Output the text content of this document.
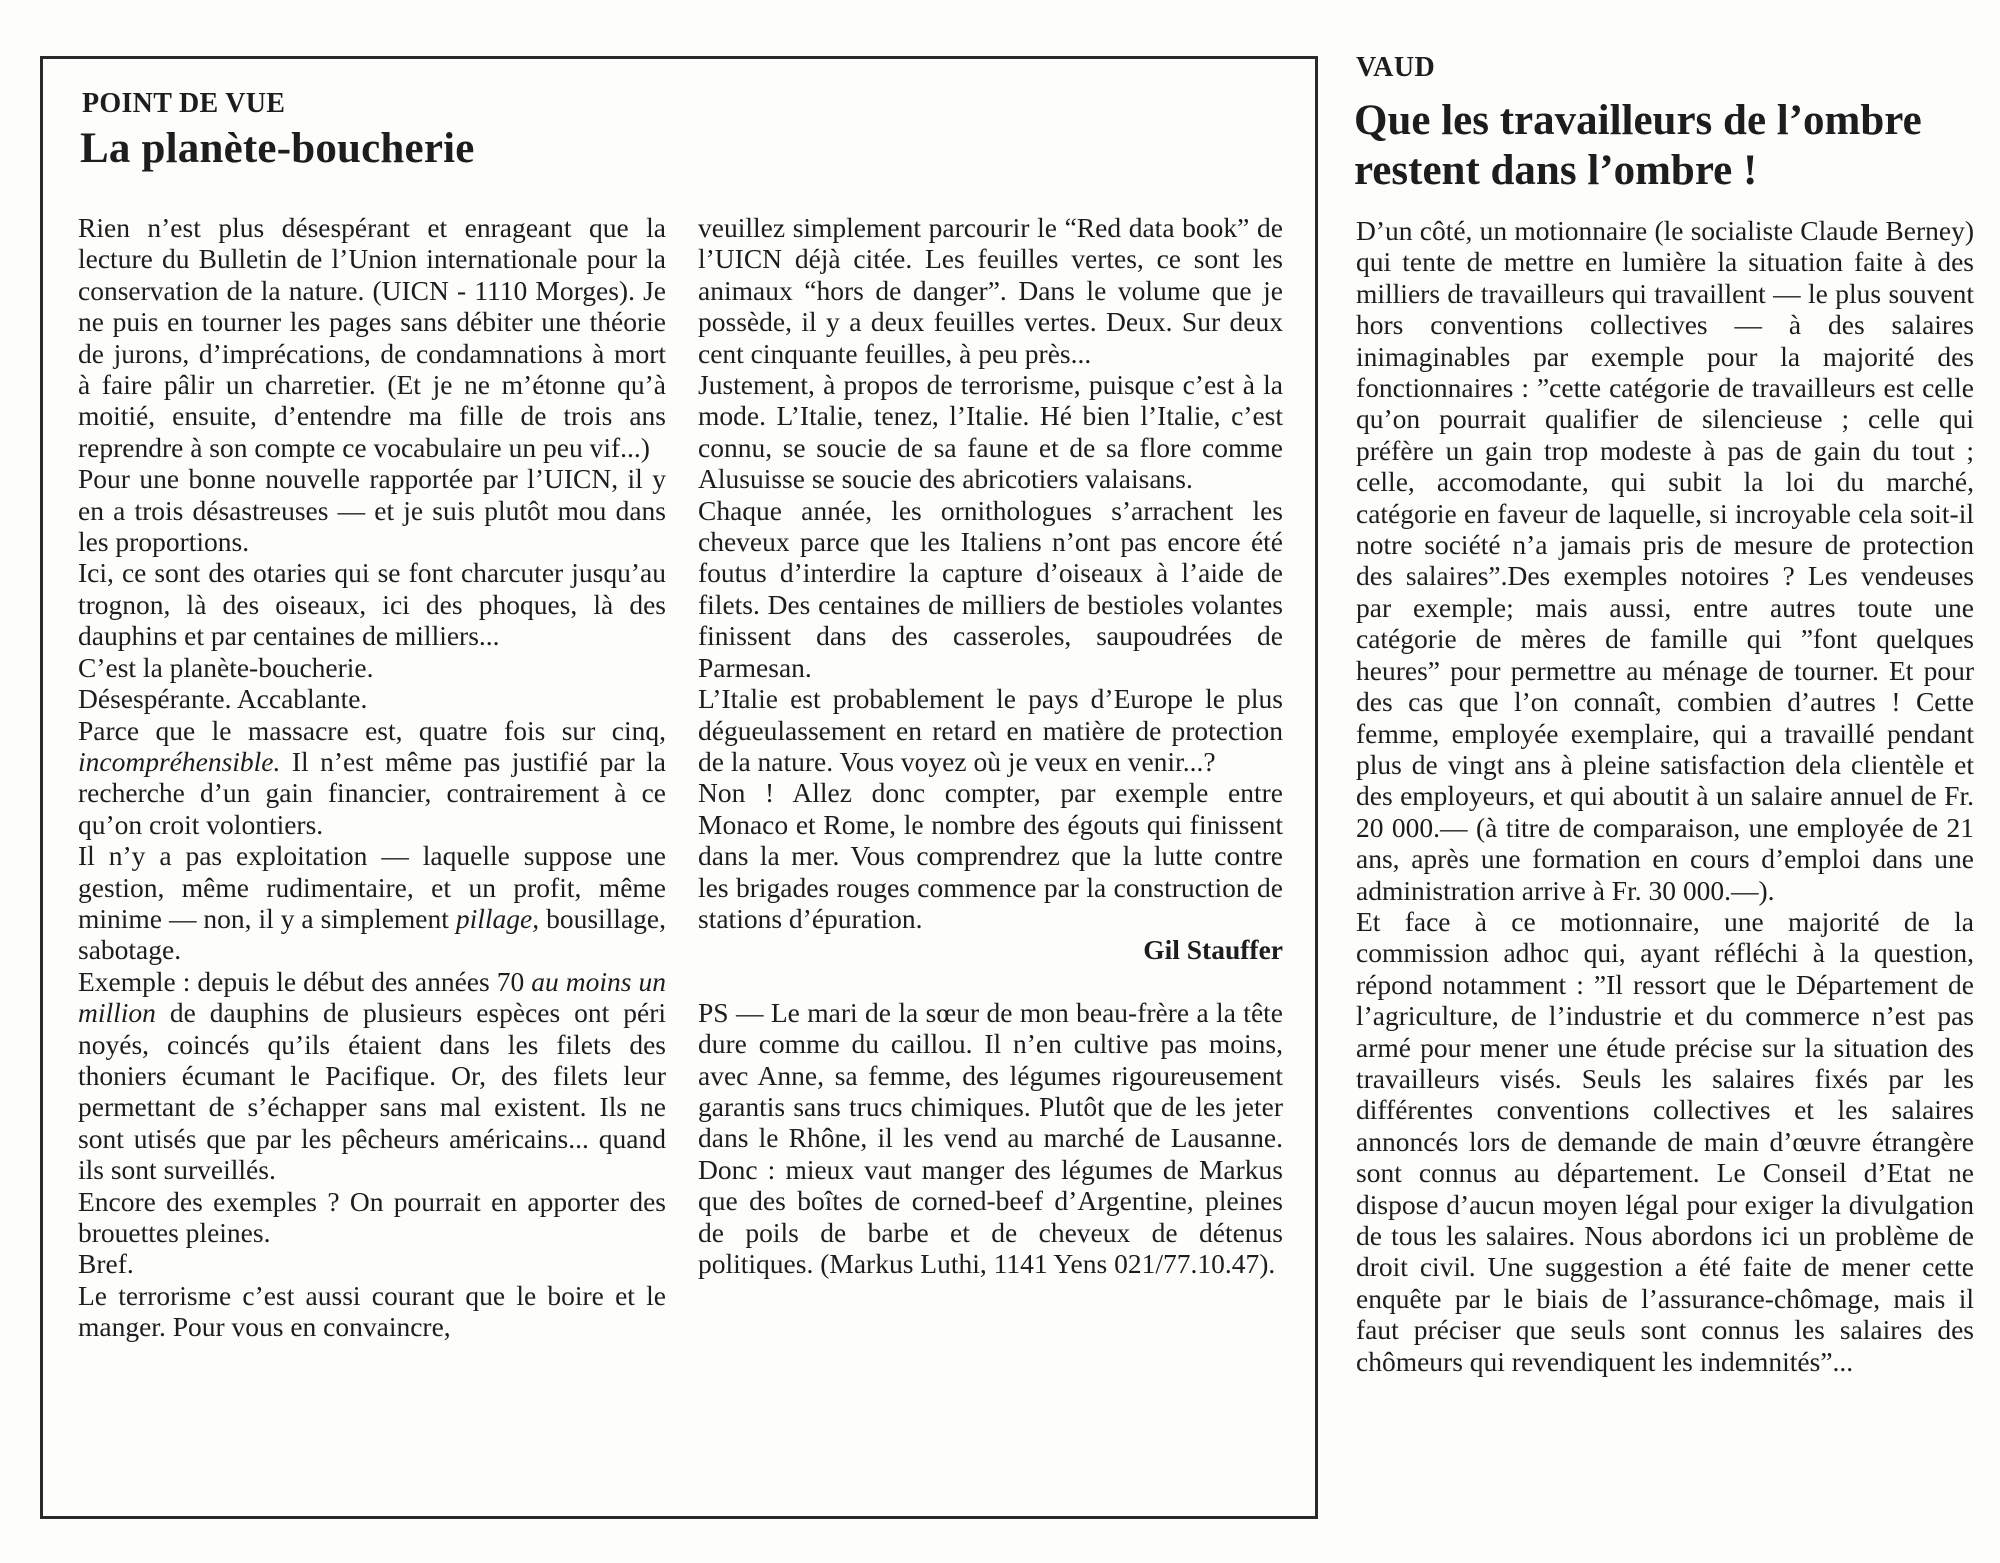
POINT DE VUE
La planète-boucherie

Rien n’est plus désespérant et enrageant que la lecture du Bulletin de l’Union internationale pour la conservation de la nature. (UICN - 1110 Morges). Je ne puis en tourner les pages sans débiter une théorie de jurons, d’imprécations, de condamnations à mort à faire pâlir un charretier. (Et je ne m’étonne qu’à moitié, ensuite, d’entendre ma fille de trois ans reprendre à son compte ce vocabulaire un peu vif...)

Pour une bonne nouvelle rapportée par l’UICN, il y en a trois désastreuses — et je suis plutôt mou dans les proportions.

Ici, ce sont des otaries qui se font charcuter jusqu’au trognon, là des oiseaux, ici des phoques, là des dauphins et par centaines de milliers...

C’est la planète-boucherie.

Désespérante. Accablante.

Parce que le massacre est, quatre fois sur cinq, incompréhensible. Il n’est même pas justifié par la recherche d’un gain financier, contrairement à ce qu’on croit volontiers.

Il n’y a pas exploitation — laquelle suppose une gestion, même rudimentaire, et un profit, même minime — non, il y a simplement pillage, bousillage, sabotage.

Exemple : depuis le début des années 70 au moins un million de dauphins de plusieurs espèces ont péri noyés, coincés qu’ils étaient dans les filets des thoniers écumant le Pacifique. Or, des filets leur permettant de s’échapper sans mal existent. Ils ne sont utisés que par les pêcheurs américains... quand ils sont surveillés.

Encore des exemples ? On pourrait en apporter des brouettes pleines.

Bref.

Le terrorisme c’est aussi courant que le boire et le manger. Pour vous en convaincre,

veuillez simplement parcourir le “Red data book” de l’UICN déjà citée. Les feuilles vertes, ce sont les animaux “hors de danger”. Dans le volume que je possède, il y a deux feuilles vertes. Deux. Sur deux cent cinquante feuilles, à peu près...

Justement, à propos de terrorisme, puisque c’est à la mode. L’Italie, tenez, l’Italie. Hé bien l’Italie, c’est connu, se soucie de sa faune et de sa flore comme Alusuisse se soucie des abricotiers valaisans.

Chaque année, les ornithologues s’arrachent les cheveux parce que les Italiens n’ont pas encore été foutus d’interdire la capture d’oiseaux à l’aide de filets. Des centaines de milliers de bestioles volantes finissent dans des casseroles, saupoudrées de Parmesan.

L’Italie est probablement le pays d’Europe le plus dégueulassement en retard en matière de protection de la nature. Vous voyez où je veux en venir...?

Non ! Allez donc compter, par exemple entre Monaco et Rome, le nombre des égouts qui finissent dans la mer. Vous comprendrez que la lutte contre les brigades rouges commence par la construction de stations d’épuration.

Gil Stauffer

PS — Le mari de la sœur de mon beau-frère a la tête dure comme du caillou. Il n’en cultive pas moins, avec Anne, sa femme, des légumes rigoureusement garantis sans trucs chimiques. Plutôt que de les jeter dans le Rhône, il les vend au marché de Lausanne. Donc : mieux vaut manger des légumes de Markus que des boîtes de corned-beef d’Argentine, pleines de poils de barbe et de cheveux de détenus politiques. (Markus Luthi, 1141 Yens 021/77.10.47).

VAUD
Que les travailleurs de l’ombre restent dans l’ombre !

D’un côté, un motionnaire (le socialiste Claude Berney) qui tente de mettre en lumière la situation faite à des milliers de travailleurs qui travaillent — le plus souvent hors conventions collectives — à des salaires inimaginables par exemple pour la majorité des fonctionnaires : ”cette catégorie de travailleurs est celle qu’on pourrait qualifier de silencieuse ; celle qui préfère un gain trop modeste à pas de gain du tout ; celle, accomodante, qui subit la loi du marché, catégorie en faveur de laquelle, si incroyable cela soit-il notre société n’a jamais pris de mesure de protection des salaires”.Des exemples notoires ? Les vendeuses par exemple; mais aussi, entre autres toute une catégorie de mères de famille qui ”font quelques heures” pour permettre au ménage de tourner. Et pour des cas que l’on connaît, combien d’autres ! Cette femme, employée exemplaire, qui a travaillé pendant plus de vingt ans à pleine satisfaction dela clientèle et des employeurs, et qui aboutit à un salaire annuel de Fr. 20 000.— (à titre de comparaison, une employée de 21 ans, après une formation en cours d’emploi dans une administration arrive à Fr. 30 000.—).

Et face à ce motionnaire, une majorité de la commission adhoc qui, ayant réfléchi à la question, répond notamment : ”Il ressort que le Département de l’agriculture, de l’industrie et du commerce n’est pas armé pour mener une étude précise sur la situation des travailleurs visés. Seuls les salaires fixés par les différentes conventions collectives et les salaires annoncés lors de demande de main d’œuvre étrangère sont connus au département. Le Conseil d’Etat ne dispose d’aucun moyen légal pour exiger la divulgation de tous les salaires. Nous abordons ici un problème de droit civil. Une suggestion a été faite de mener cette enquête par le biais de l’assurance-chômage, mais il faut préciser que seuls sont connus les salaires des chômeurs qui revendiquent les indemnités”...
